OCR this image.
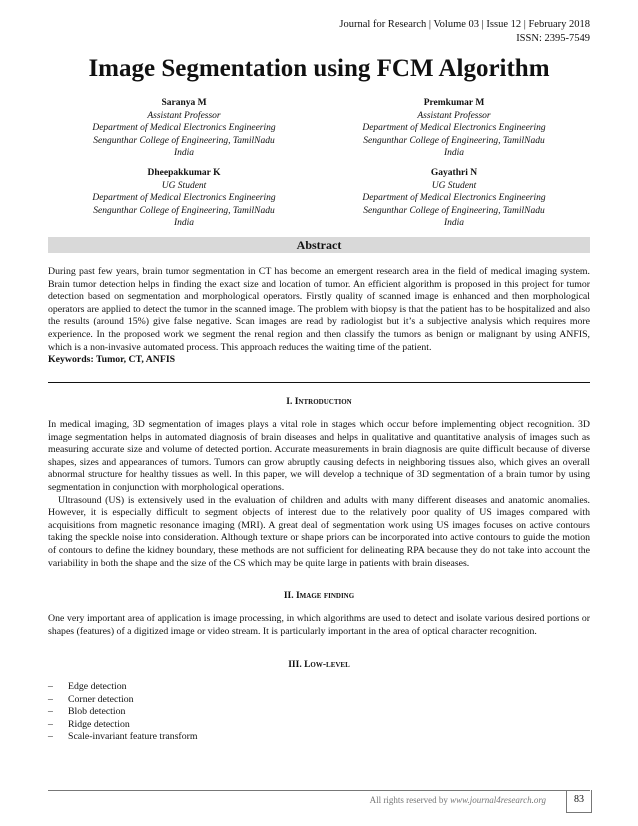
Journal for Research | Volume 03 | Issue 12 | February 2018
ISSN: 2395-7549
Image Segmentation using FCM Algorithm
Saranya M
Assistant Professor
Department of Medical Electronics Engineering
Sengunthar College of Engineering, TamilNadu
India
Premkumar M
Assistant Professor
Department of Medical Electronics Engineering
Sengunthar College of Engineering, TamilNadu
India
Dheepakkumar K
UG Student
Department of Medical Electronics Engineering
Sengunthar College of Engineering, TamilNadu
India
Gayathri N
UG Student
Department of Medical Electronics Engineering
Sengunthar College of Engineering, TamilNadu
India
Abstract

During past few years, brain tumor segmentation in CT has become an emergent research area in the field of medical imaging system. Brain tumor detection helps in finding the exact size and location of tumor. An efficient algorithm is proposed in this project for tumor detection based on segmentation and morphological operators. Firstly quality of scanned image is enhanced and then morphological operators are applied to detect the tumor in the scanned image. The problem with biopsy is that the patient has to be hospitalized and also the results (around 15%) give false negative. Scan images are read by radiologist but it’s a subjective analysis which requires more experience. In the proposed work we segment the renal region and then classify the tumors as benign or malignant by using ANFIS, which is a non-invasive automated process. This approach reduces the waiting time of the patient.

Keywords: Tumor, CT, ANFIS

I. Introduction

In medical imaging, 3D segmentation of images plays a vital role in stages which occur before implementing object recognition. 3D image segmentation helps in automated diagnosis of brain diseases and helps in qualitative and quantitative analysis of images such as measuring accurate size and volume of detected portion. Accurate measurements in brain diagnosis are quite difficult because of diverse shapes, sizes and appearances of tumors. Tumors can grow abruptly causing defects in neighboring tissues also, which gives an overall abnormal structure for healthy tissues as well. In this paper, we will develop a technique of 3D segmentation of a brain tumor by using segmentation in conjunction with morphological operations.

Ultrasound (US) is extensively used in the evaluation of children and adults with many different diseases and anatomic anomalies. However, it is especially difficult to segment objects of interest due to the relatively poor quality of US images compared with acquisitions from magnetic resonance imaging (MRI). A great deal of segmentation work using US images focuses on active contours taking the speckle noise into consideration. Although texture or shape priors can be incorporated into active contours to guide the motion of contours to define the kidney boundary, these methods are not sufficient for delineating RPA because they do not take into account the variability in both the shape and the size of the CS which may be quite large in patients with brain diseases.

II. Image finding

One very important area of application is image processing, in which algorithms are used to detect and isolate various desired portions or shapes (features) of a digitized image or video stream. It is particularly important in the area of optical character recognition.

III. Low-level
– Edge detection
– Corner detection
– Blob detection
– Ridge detection
– Scale-invariant feature transform
All rights reserved by www.journal4research.org	83
